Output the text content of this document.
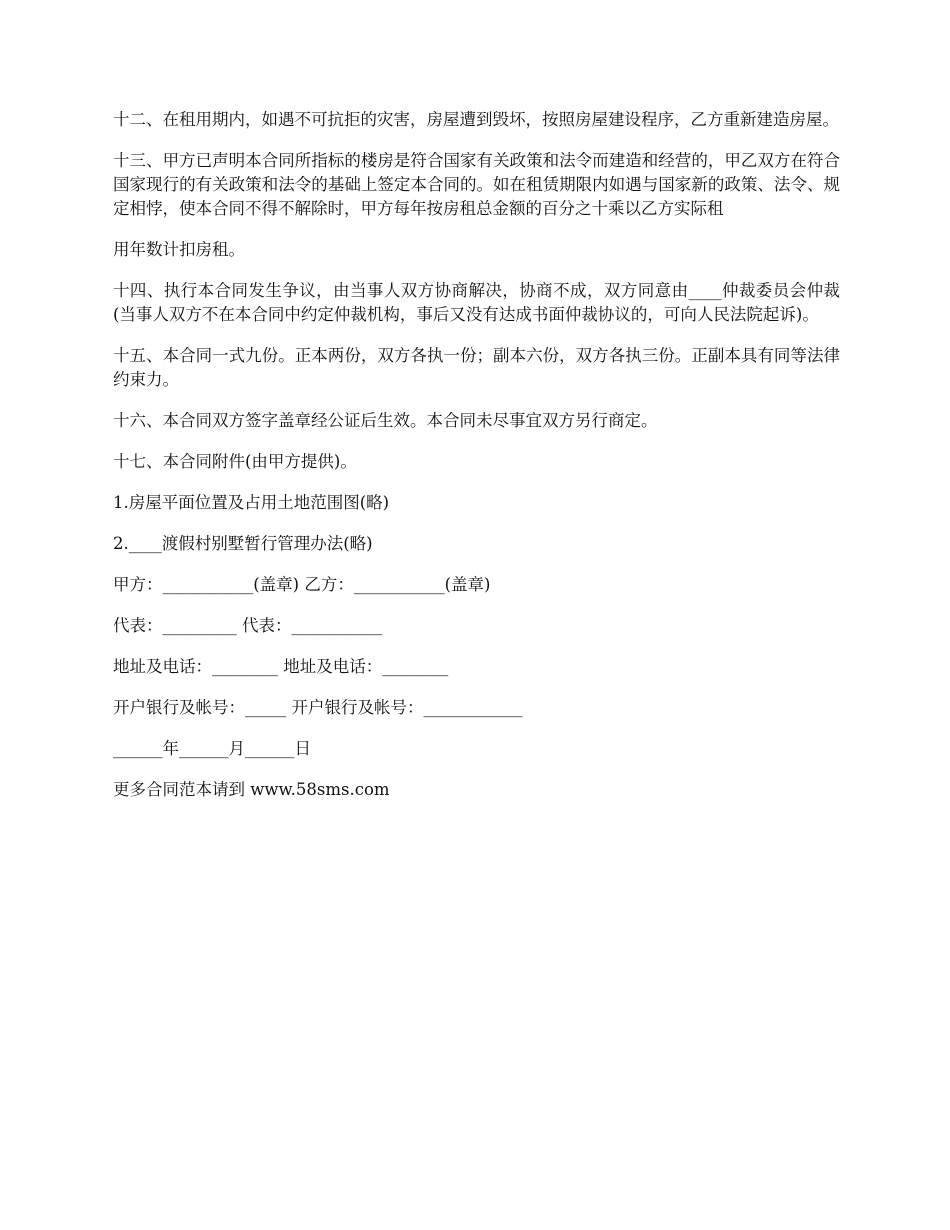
十二、在租用期内，如遇不可抗拒的灾害，房屋遭到毁坏，按照房屋建设程序，乙方重新建造房屋。

十三、甲方已声明本合同所指标的楼房是符合国家有关政策和法令而建造和经营的，甲乙双方在符合国家现行的有关政策和法令的基础上签定本合同的。如在租赁期限内如遇与国家新的政策、法令、规定相悖，使本合同不得不解除时，甲方每年按房租总金额的百分之十乘以乙方实际租

用年数计扣房租。

十四、执行本合同发生争议，由当事人双方协商解决，协商不成，双方同意由____仲裁委员会仲裁(当事人双方不在本合同中约定仲裁机构，事后又没有达成书面仲裁协议的，可向人民法院起诉)。

十五、本合同一式九份。正本两份，双方各执一份；副本六份，双方各执三份。正副本具有同等法律约束力。

十六、本合同双方签字盖章经公证后生效。本合同未尽事宜双方另行商定。

十七、本合同附件(由甲方提供)。

1.房屋平面位置及占用土地范围图(略)

2.____渡假村别墅暂行管理办法(略)

甲方：___________(盖章) 乙方：___________(盖章)

代表：_________ 代表：___________

地址及电话：________ 地址及电话：________

开户银行及帐号：_____ 开户银行及帐号：____________

______年______月______日

更多合同范本请到 www.58sms.com
